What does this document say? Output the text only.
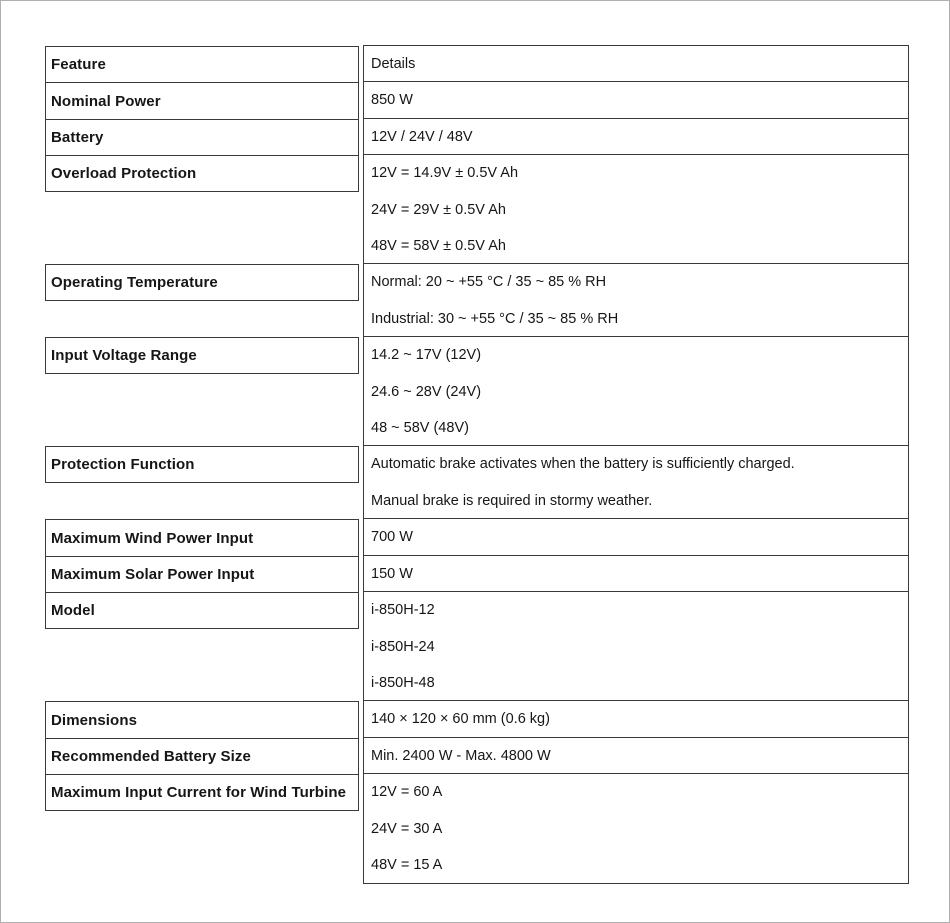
Feature
Nominal Power
Battery
Overload Protection
Operating Temperature
Input Voltage Range
Protection Function
Maximum Wind Power Input
Maximum Solar Power Input
Model
Dimensions
Recommended Battery Size
Maximum Input Current for Wind Turbine
Details
850 W
12V / 24V / 48V
12V = 14.9V ± 0.5V Ah
24V = 29V ± 0.5V Ah
48V = 58V ± 0.5V Ah
Normal: 20 ~ +55 °C / 35 ~ 85 % RH
Industrial: 30 ~ +55 °C / 35 ~ 85 % RH
14.2 ~ 17V (12V)
24.6 ~ 28V (24V)
48 ~ 58V (48V)
Automatic brake activates when the battery is sufficiently charged.
Manual brake is required in stormy weather.
700 W
150 W
i-850H-12
i-850H-24
i-850H-48
140 × 120 × 60 mm (0.6 kg)
Min. 2400 W - Max. 4800 W
12V = 60 A
24V = 30 A
48V = 15 A
